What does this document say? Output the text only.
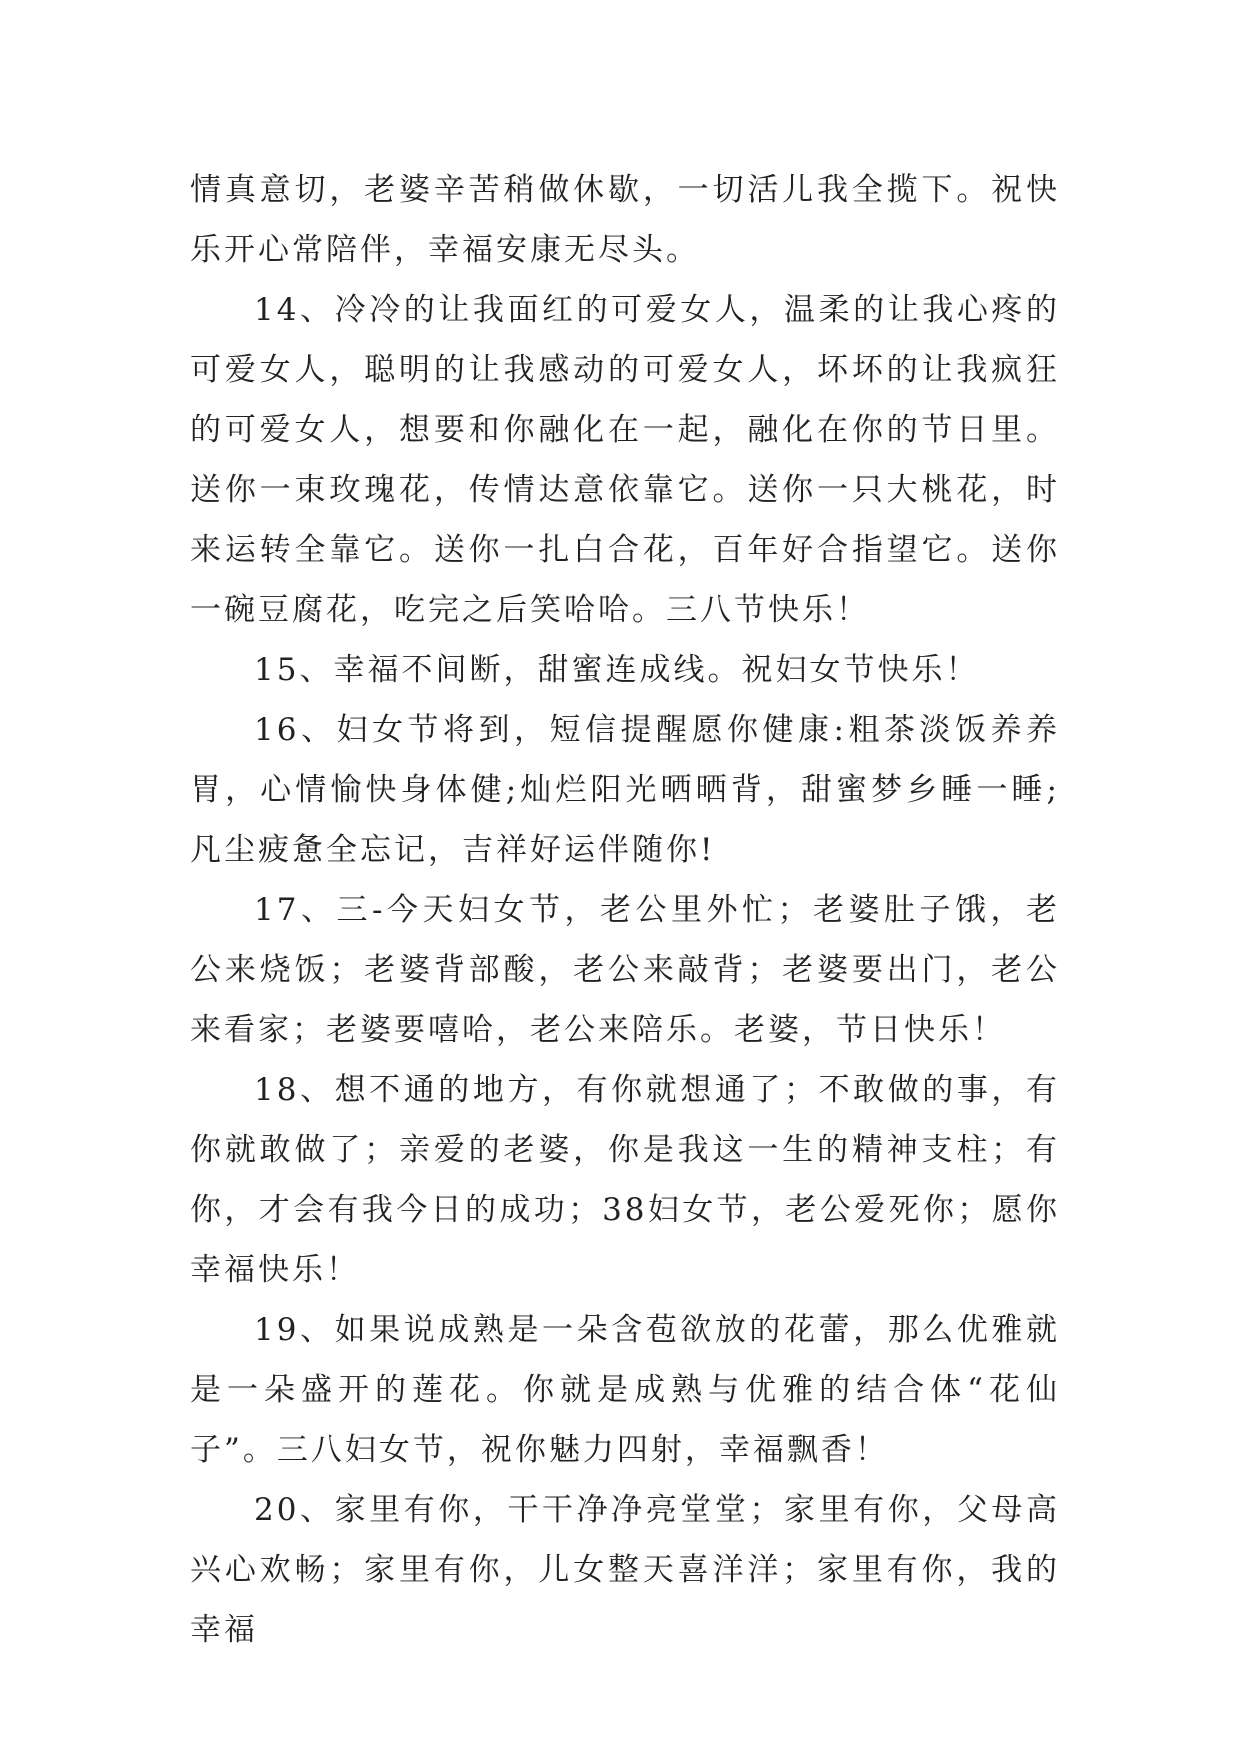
情真意切，老婆辛苦稍做休歇，一切活儿我全揽下。祝快乐开心常陪伴，幸福安康无尽头。

14、冷冷的让我面红的可爱女人，温柔的让我心疼的可爱女人，聪明的让我感动的可爱女人，坏坏的让我疯狂的可爱女人，想要和你融化在一起，融化在你的节日里。送你一束玫瑰花，传情达意依靠它。送你一只大桃花，时来运转全靠它。送你一扎白合花，百年好合指望它。送你一碗豆腐花，吃完之后笑哈哈。三八节快乐！

15、幸福不间断，甜蜜连成线。祝妇女节快乐！

16、妇女节将到，短信提醒愿你健康:粗茶淡饭养养胃，心情愉快身体健;灿烂阳光晒晒背，甜蜜梦乡睡一睡;凡尘疲惫全忘记，吉祥好运伴随你!

17、三-今天妇女节，老公里外忙；老婆肚子饿，老公来烧饭；老婆背部酸，老公来敲背；老婆要出门，老公来看家；老婆要嘻哈，老公来陪乐。老婆，节日快乐！

18、想不通的地方，有你就想通了；不敢做的事，有你就敢做了；亲爱的老婆，你是我这一生的精神支柱；有你，才会有我今日的成功；38妇女节，老公爱死你；愿你幸福快乐！

19、如果说成熟是一朵含苞欲放的花蕾，那么优雅就是一朵盛开的莲花。你就是成熟与优雅的结合体“花仙子”。三八妇女节，祝你魅力四射，幸福飘香！

20、家里有你，干干净净亮堂堂；家里有你，父母高兴心欢畅；家里有你，儿女整天喜洋洋；家里有你，我的幸福
